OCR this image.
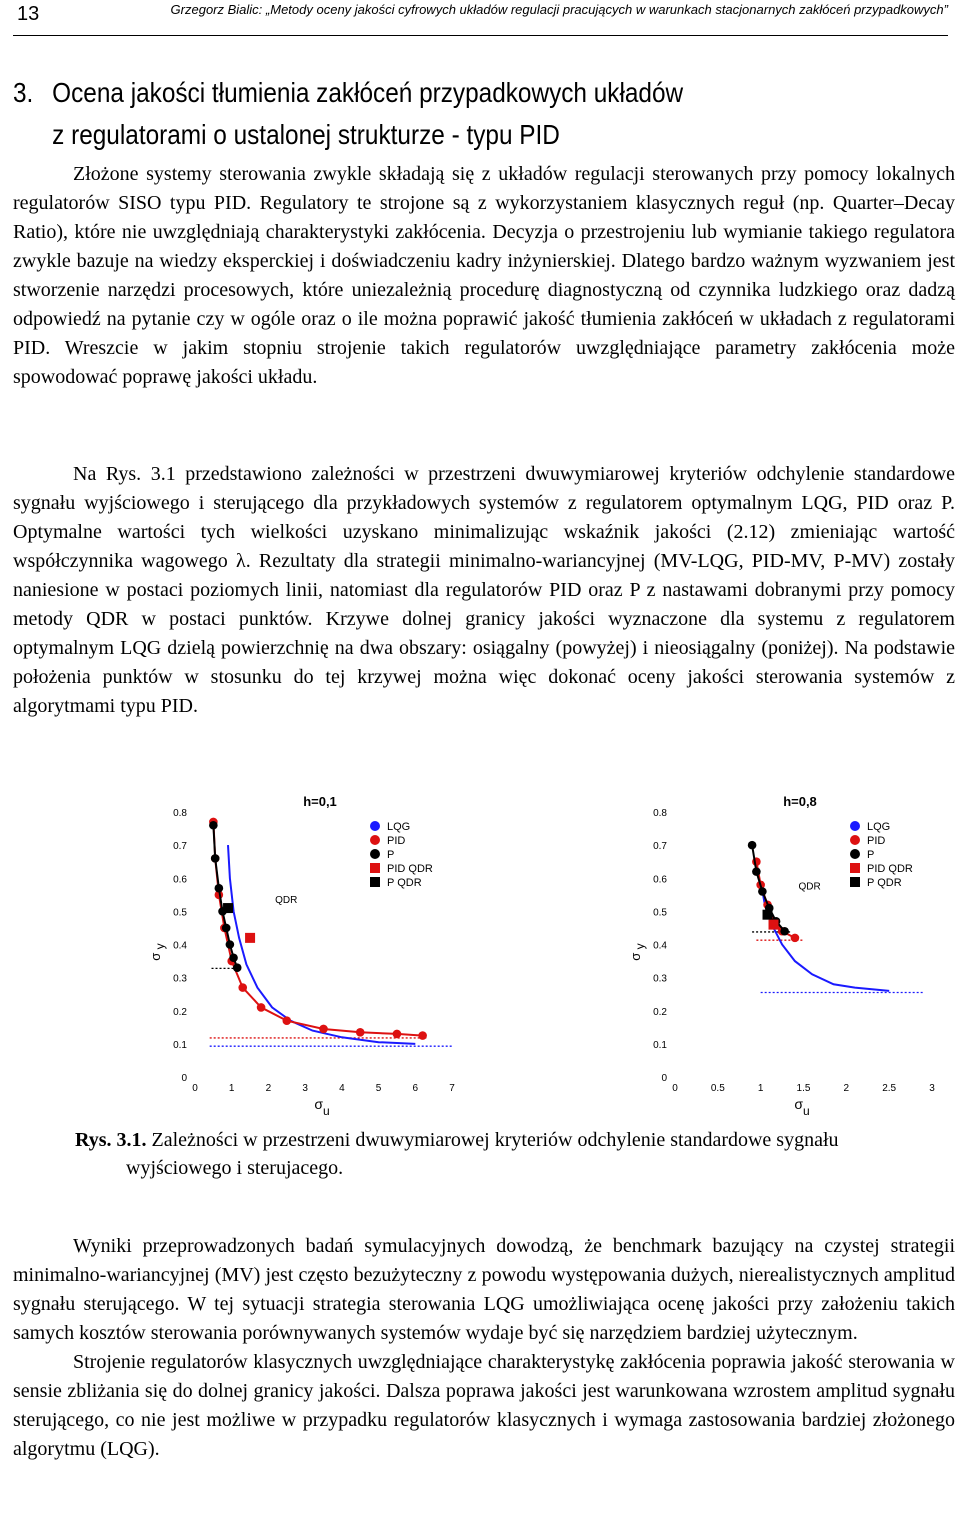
13	Grzegorz Bialic: „Metody oceny jakości cyfrowych układów regulacji pracujących w warunkach stacjonarnych zakłóceń przypadkowych”
3. Ocena jakości tłumienia zakłóceń przypadkowych układów
z regulatorami o ustalonej strukturze - typu PID

Złożone systemy sterowania zwykle składają się z układów regulacji sterowanych przy pomocy lokalnych regulatorów SISO typu PID. Regulatory te strojone są z wykorzystaniem klasycznych reguł (np. Quarter–Decay Ratio), które nie uwzględniają charakterystyki zakłócenia. Decyzja o przestrojeniu lub wymianie takiego regulatora zwykle bazuje na wiedzy eksperckiej i doświadczeniu kadry inżynierskiej. Dlatego bardzo ważnym wyzwaniem jest stworzenie narzędzi procesowych, które uniezależnią procedurę diagnostyczną od czynnika ludzkiego oraz dadzą odpowiedź na pytanie czy w ogóle oraz o ile można poprawić jakość tłumienia zakłóceń w układach z regulatorami PID. Wreszcie w jakim stopniu strojenie takich regulatorów uwzględniające parametry zakłócenia może spowodować poprawę jakości układu.

Na Rys. 3.1 przedstawiono zależności w przestrzeni dwuwymiarowej kryteriów odchylenie standardowe sygnału wyjściowego i sterującego dla przykładowych systemów z regulatorem optymalnym LQG, PID oraz P. Optymalne wartości tych wielkości uzyskano minimalizując wskaźnik jakości (2.12) zmieniając wartość współczynnika wagowego λ. Rezultaty dla strategii minimalno-wariancyjnej (MV-LQG, PID-MV, P-MV) zostały naniesione w postaci poziomych linii, natomiast dla regulatorów PID oraz P z nastawami dobranymi przy pomocy metody QDR w postaci punktów. Krzywe dolnej granicy jakości wyznaczone dla systemu z regulatorem optymalnym LQG dzielą powierzchnię na dwa obszary: osiągalny (powyżej) i nieosiągalny (poniżej). Na podstawie położenia punktów w stosunku do tej krzywej można więc dokonać oceny jakości sterowania systemów z algorytmami typu PID.

h=0,1
0
0.1
0.2
0.3
0.4
0.5
0.6
0.7
0.8
0	1	2	3	4	5	6	7
σ y
σu
QDR
LQG
PID
P
PID QDR
P QDR
h=0,8
0
0.1
0.2
0.3
0.4
0.5
0.6
0.7
0.8
0	0.5	1	1.5	2	2.5	3
σ y
σu
QDR
LQG
PID
P
PID QDR
P QDR
Rys. 3.1. Zależności w przestrzeni dwuwymiarowej kryteriów odchylenie standardowe sygnału
wyjściowego i sterujacego.

Wyniki przeprowadzonych badań symulacyjnych dowodzą, że benchmark bazujący na czystej strategii minimalno-wariancyjnej (MV) jest często bezużyteczny z powodu występowania dużych, nierealistycznych amplitud sygnału sterującego. W tej sytuacji strategia sterowania LQG umożliwiająca ocenę jakości przy założeniu takich samych kosztów sterowania porównywanych systemów wydaje być się narzędziem bardziej użytecznym.

Strojenie regulatorów klasycznych uwzględniające charakterystykę zakłócenia poprawia jakość sterowania w sensie zbliżania się do dolnej granicy jakości. Dalsza poprawa jakości jest warunkowana wzrostem amplitud sygnału sterującego, co nie jest możliwe w przypadku regulatorów klasycznych i wymaga zastosowania bardziej złożonego algorytmu (LQG).
